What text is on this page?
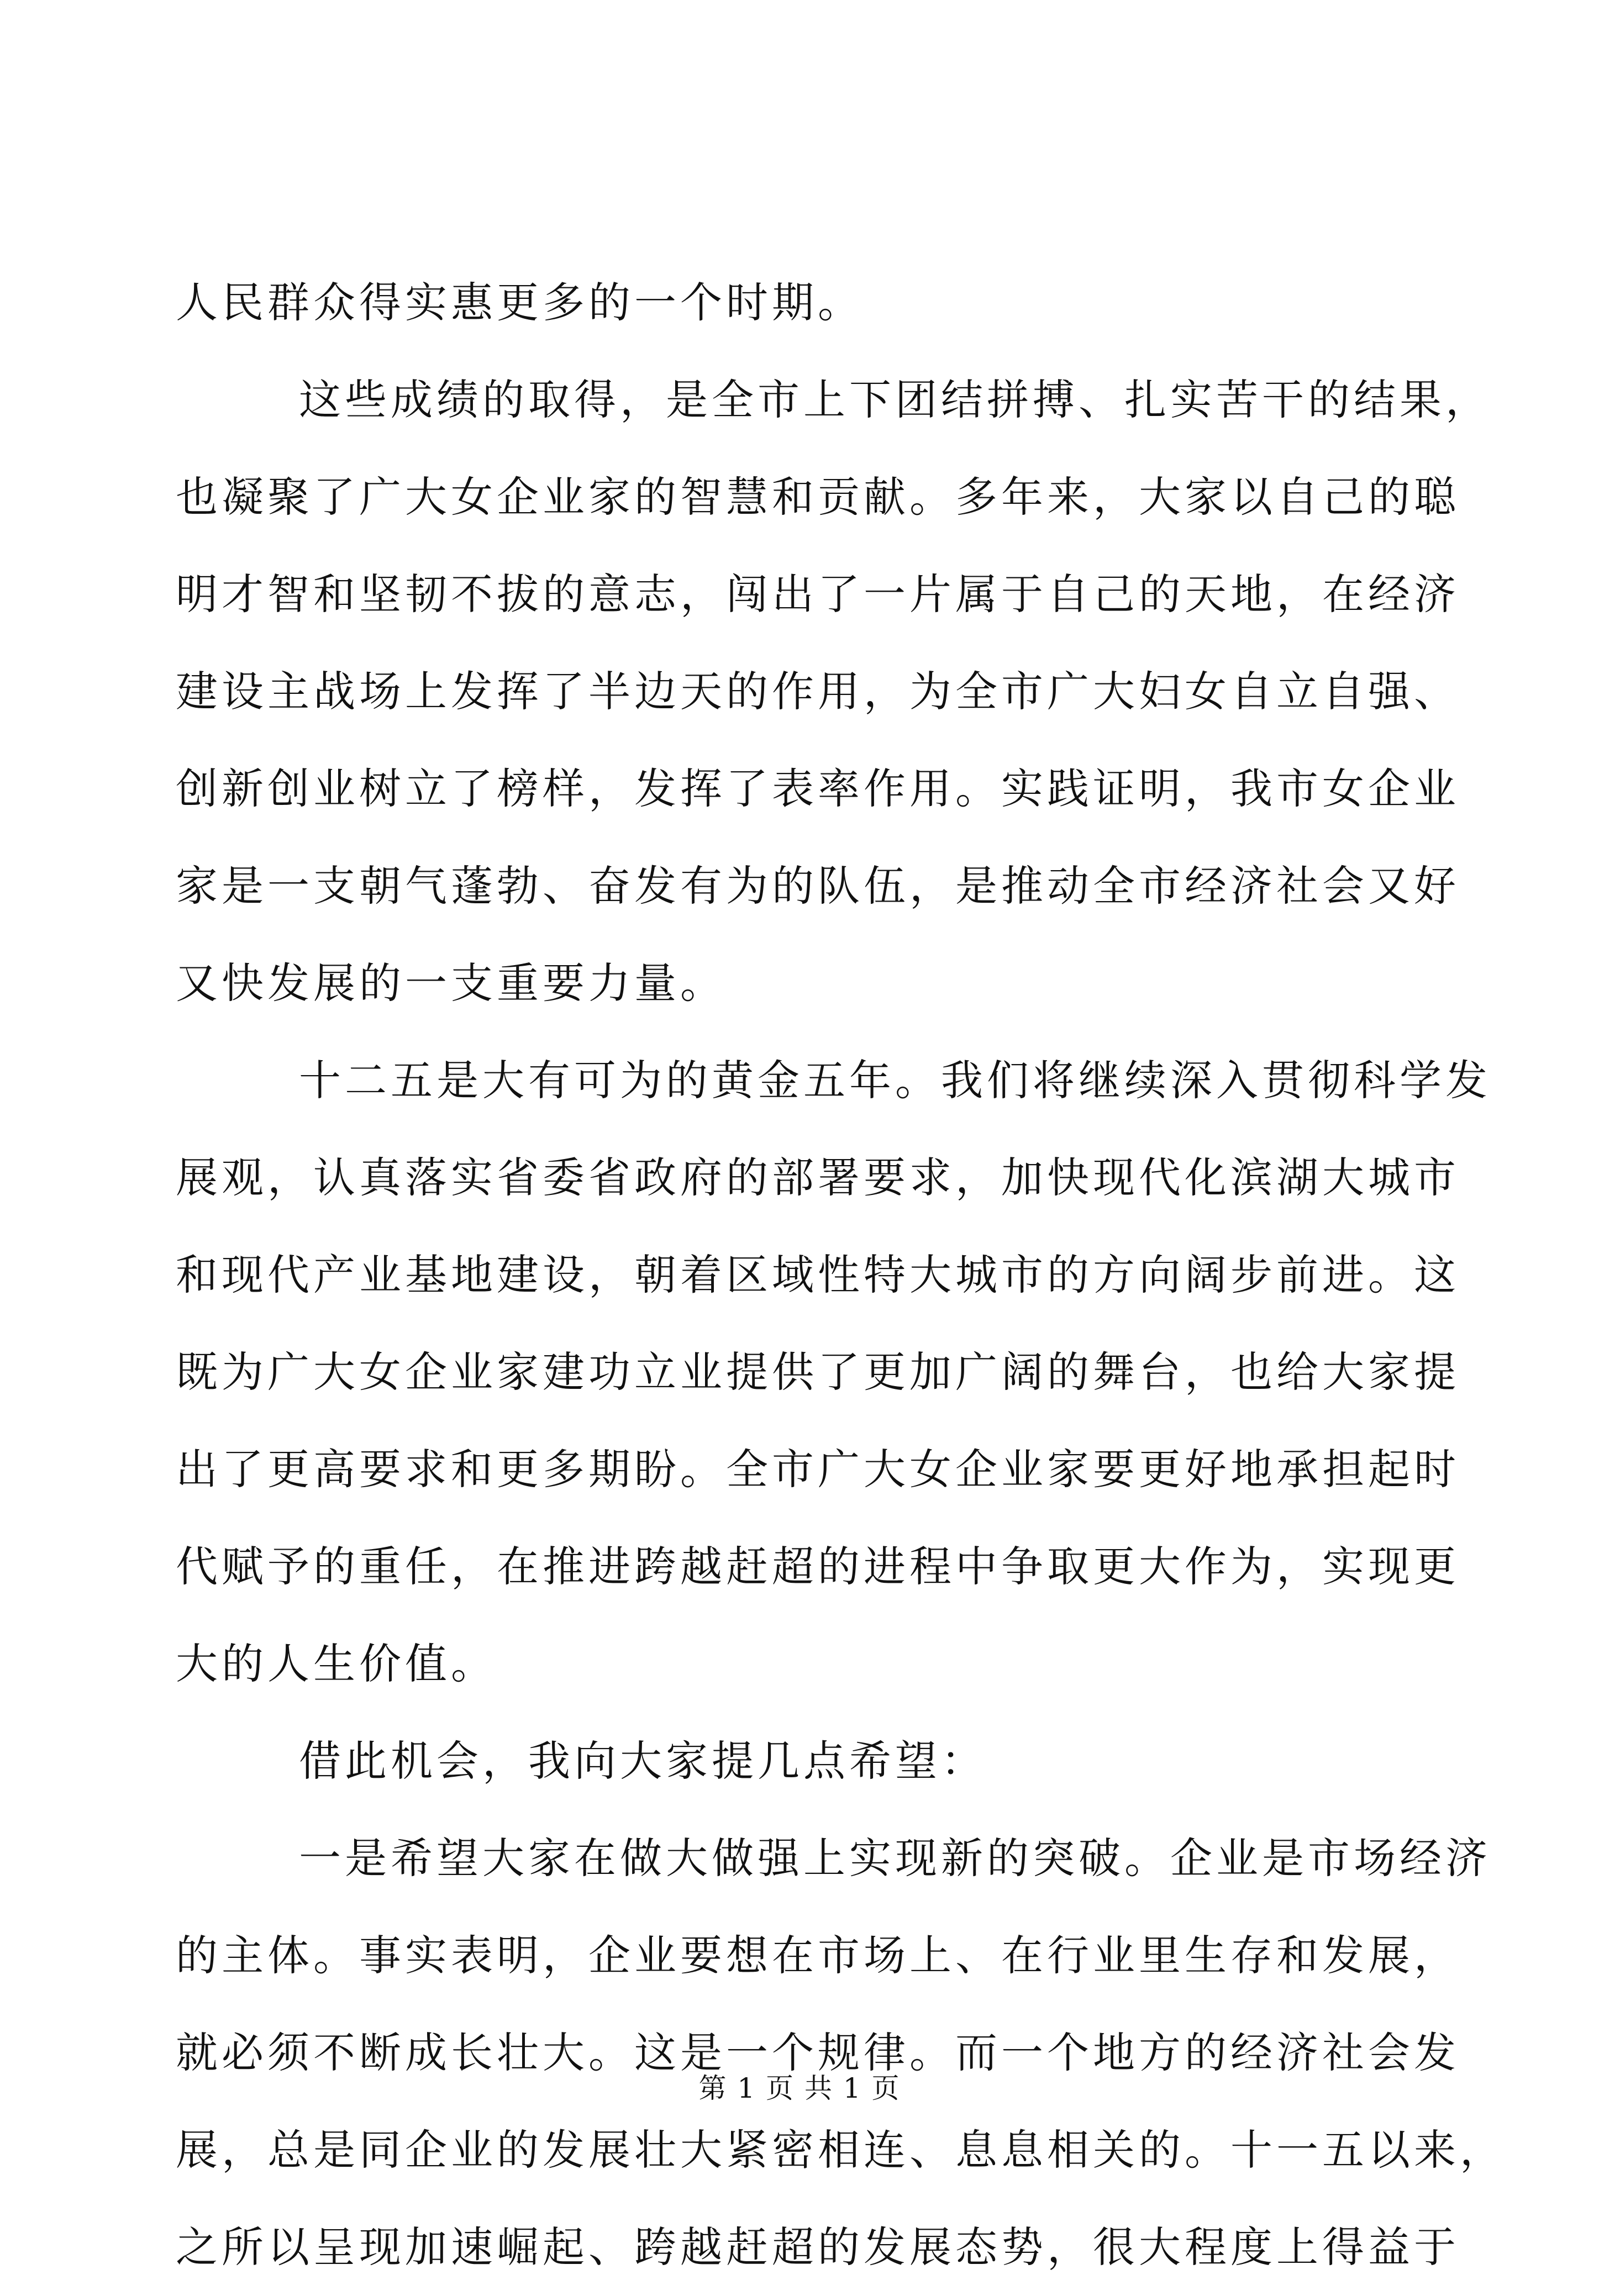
人民群众得实惠更多的一个时期。
这些成绩的取得，是全市上下团结拼搏、扎实苦干的结果，
也凝聚了广大女企业家的智慧和贡献。多年来，大家以自己的聪
明才智和坚韧不拔的意志，闯出了一片属于自己的天地，在经济
建设主战场上发挥了半边天的作用，为全市广大妇女自立自强、
创新创业树立了榜样，发挥了表率作用。实践证明，我市女企业
家是一支朝气蓬勃、奋发有为的队伍，是推动全市经济社会又好
又快发展的一支重要力量。
十二五是大有可为的黄金五年。我们将继续深入贯彻科学发
展观，认真落实省委省政府的部署要求，加快现代化滨湖大城市
和现代产业基地建设，朝着区域性特大城市的方向阔步前进。这
既为广大女企业家建功立业提供了更加广阔的舞台，也给大家提
出了更高要求和更多期盼。全市广大女企业家要更好地承担起时
代赋予的重任，在推进跨越赶超的进程中争取更大作为，实现更
大的人生价值。
借此机会，我向大家提几点希望：
一是希望大家在做大做强上实现新的突破。企业是市场经济
的主体。事实表明，企业要想在市场上、在行业里生存和发展，
就必须不断成长壮大。这是一个规律。而一个地方的经济社会发
展，总是同企业的发展壮大紧密相连、息息相关的。十一五以来，
之所以呈现加速崛起、跨越赶超的发展态势，很大程度上得益于
第 1 页 共 1 页
